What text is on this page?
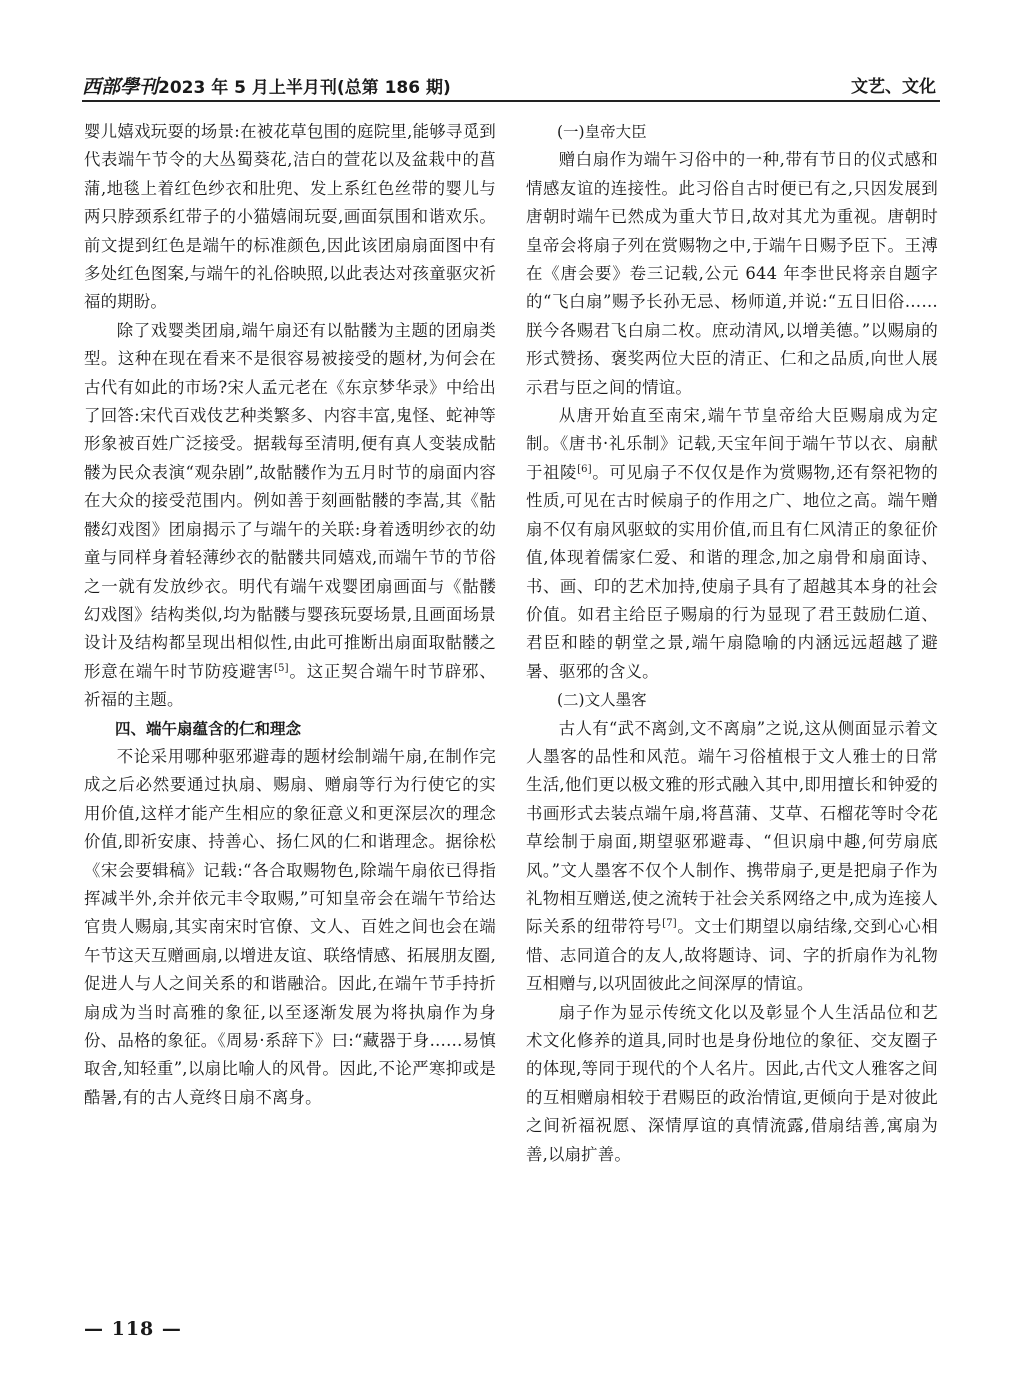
西部學刊2023 年 5 月上半月刊(总第 186 期)	文艺、文化

婴儿嬉戏玩耍的场景:在被花草包围的庭院里,能够寻觅到代表端午节令的大丛蜀葵花,洁白的萱花以及盆栽中的菖蒲,地毯上着红色纱衣和肚兜、发上系红色丝带的婴儿与两只脖颈系红带子的小猫嬉闹玩耍,画面氛围和谐欢乐。前文提到红色是端午的标准颜色,因此该团扇扇面图中有多处红色图案,与端午的礼俗映照,以此表达对孩童驱灾祈福的期盼。

除了戏婴类团扇,端午扇还有以骷髅为主题的团扇类型。这种在现在看来不是很容易被接受的题材,为何会在古代有如此的市场?宋人孟元老在《东京梦华录》中给出了回答:宋代百戏伎艺种类繁多、内容丰富,鬼怪、蛇神等形象被百姓广泛接受。据载每至清明,便有真人变装成骷髅为民众表演“观杂剧”,故骷髅作为五月时节的扇面内容在大众的接受范围内。例如善于刻画骷髅的李嵩,其《骷髅幻戏图》团扇揭示了与端午的关联:身着透明纱衣的幼童与同样身着轻薄纱衣的骷髅共同嬉戏,而端午节的节俗之一就有发放纱衣。明代有端午戏婴团扇画面与《骷髅幻戏图》结构类似,均为骷髅与婴孩玩耍场景,且画面场景设计及结构都呈现出相似性,由此可推断出扇面取骷髅之形意在端午时节防疫避害[5]。这正契合端午时节辟邪、祈福的主题。

四、端午扇蕴含的仁和理念

不论采用哪种驱邪避毒的题材绘制端午扇,在制作完成之后必然要通过执扇、赐扇、赠扇等行为行使它的实用价值,这样才能产生相应的象征意义和更深层次的理念价值,即祈安康、持善心、扬仁风的仁和谐理念。据徐松《宋会要辑稿》记载:“各合取赐物色,除端午扇依已得指挥减半外,余并依元丰令取赐,”可知皇帝会在端午节给达官贵人赐扇,其实南宋时官僚、文人、百姓之间也会在端午节这天互赠画扇,以增进友谊、联络情感、拓展朋友圈,促进人与人之间关系的和谐融洽。因此,在端午节手持折扇成为当时高雅的象征,以至逐渐发展为将执扇作为身份、品格的象征。《周易·系辞下》曰:“藏器于身……易慎取舍,知轻重”,以扇比喻人的风骨。因此,不论严寒抑或是酷暑,有的古人竟终日扇不离身。

(一)皇帝大臣

赠白扇作为端午习俗中的一种,带有节日的仪式感和情感友谊的连接性。此习俗自古时便已有之,只因发展到唐朝时端午已然成为重大节日,故对其尤为重视。唐朝时皇帝会将扇子列在赏赐物之中,于端午日赐予臣下。王溥在《唐会要》卷三记载,公元 644 年李世民将亲自题字的“飞白扇”赐予长孙无忌、杨师道,并说:“五日旧俗……朕今各赐君飞白扇二枚。庶动清风,以增美德。”以赐扇的形式赞扬、褒奖两位大臣的清正、仁和之品质,向世人展示君与臣之间的情谊。

从唐开始直至南宋,端午节皇帝给大臣赐扇成为定制。《唐书·礼乐制》记载,天宝年间于端午节以衣、扇献于祖陵[6]。可见扇子不仅仅是作为赏赐物,还有祭祀物的性质,可见在古时候扇子的作用之广、地位之高。端午赠扇不仅有扇风驱蚊的实用价值,而且有仁风清正的象征价值,体现着儒家仁爱、和谐的理念,加之扇骨和扇面诗、书、画、印的艺术加持,使扇子具有了超越其本身的社会价值。如君主给臣子赐扇的行为显现了君王鼓励仁道、君臣和睦的朝堂之景,端午扇隐喻的内涵远远超越了避暑、驱邪的含义。

(二)文人墨客

古人有“武不离剑,文不离扇”之说,这从侧面显示着文人墨客的品性和风范。端午习俗植根于文人雅士的日常生活,他们更以极文雅的形式融入其中,即用擅长和钟爱的书画形式去装点端午扇,将菖蒲、艾草、石榴花等时令花草绘制于扇面,期望驱邪避毒、“但识扇中趣,何劳扇底风。”文人墨客不仅个人制作、携带扇子,更是把扇子作为礼物相互赠送,使之流转于社会关系网络之中,成为连接人际关系的纽带符号[7]。文士们期望以扇结缘,交到心心相惜、志同道合的友人,故将题诗、词、字的折扇作为礼物互相赠与,以巩固彼此之间深厚的情谊。

扇子作为显示传统文化以及彰显个人生活品位和艺术文化修养的道具,同时也是身份地位的象征、交友圈子的体现,等同于现代的个人名片。因此,古代文人雅客之间的互相赠扇相较于君赐臣的政治情谊,更倾向于是对彼此之间祈福祝愿、深情厚谊的真情流露,借扇结善,寓扇为善,以扇扩善。

— 118 —
